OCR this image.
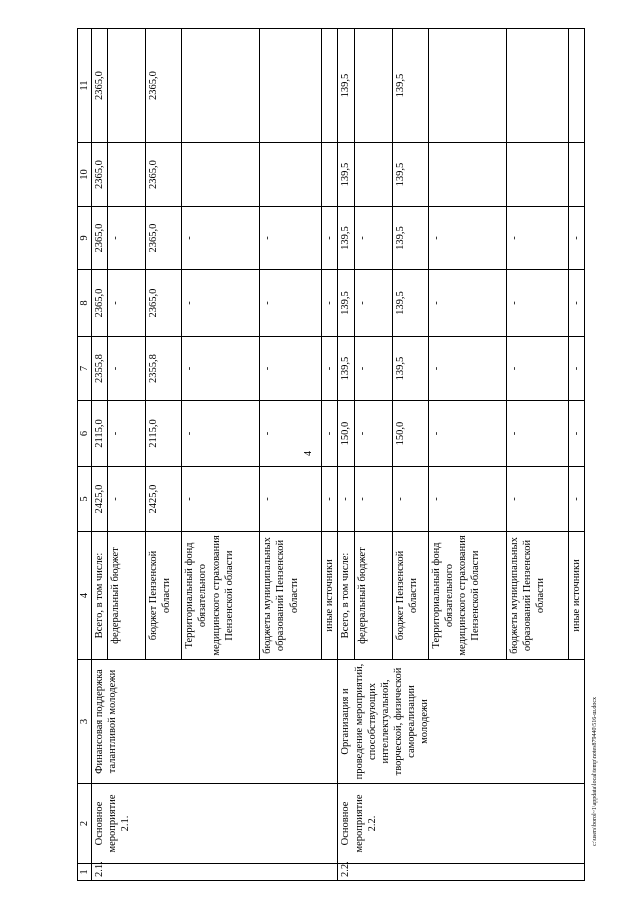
4
c:\users\borol~1\appdata\local\temp\notes879440\516-ш.docx
1	2	3	4	5	6	7	8	9	10	11
2.1.	Основное мероприятие 2.1.	Финансовая поддержка талантливой молодежи	Всего, в том числе:	2425,0	2115,0	2355,8	2365,0	2365,0	2365,0	2365,0
			федеральный бюджет	-	-	-	-	-		
			бюджет Пензенской области	2425,0	2115,0	2355,8	2365,0	2365,0	2365,0	2365,0
			Территориальный фонд обязательного медицинского страхования Пензенской области	-	-	-	-	-		
			бюджеты муниципальных образований Пензенской области	-	-	-	-	-		
			иные источники	-	-	-	-	-		
2.2.	Основное мероприятие 2.2.	Организация и проведение мероприятий, способствующих интеллектуальной, творческой, физической самореализации молодежи	Всего, в том числе:	-	150,0	139,5	139,5	139,5	139,5	139,5
			федеральный бюджет	-	-	-	-	-		
			бюджет Пензенской области	-	150,0	139,5	139,5	139,5	139,5	139,5
			Территориальный фонд обязательного медицинского страхования Пензенской области	-	-	-	-	-		
			бюджеты муниципальных образований Пензенской области	-	-	-	-	-		
			иные источники	-	-	-	-	-		
